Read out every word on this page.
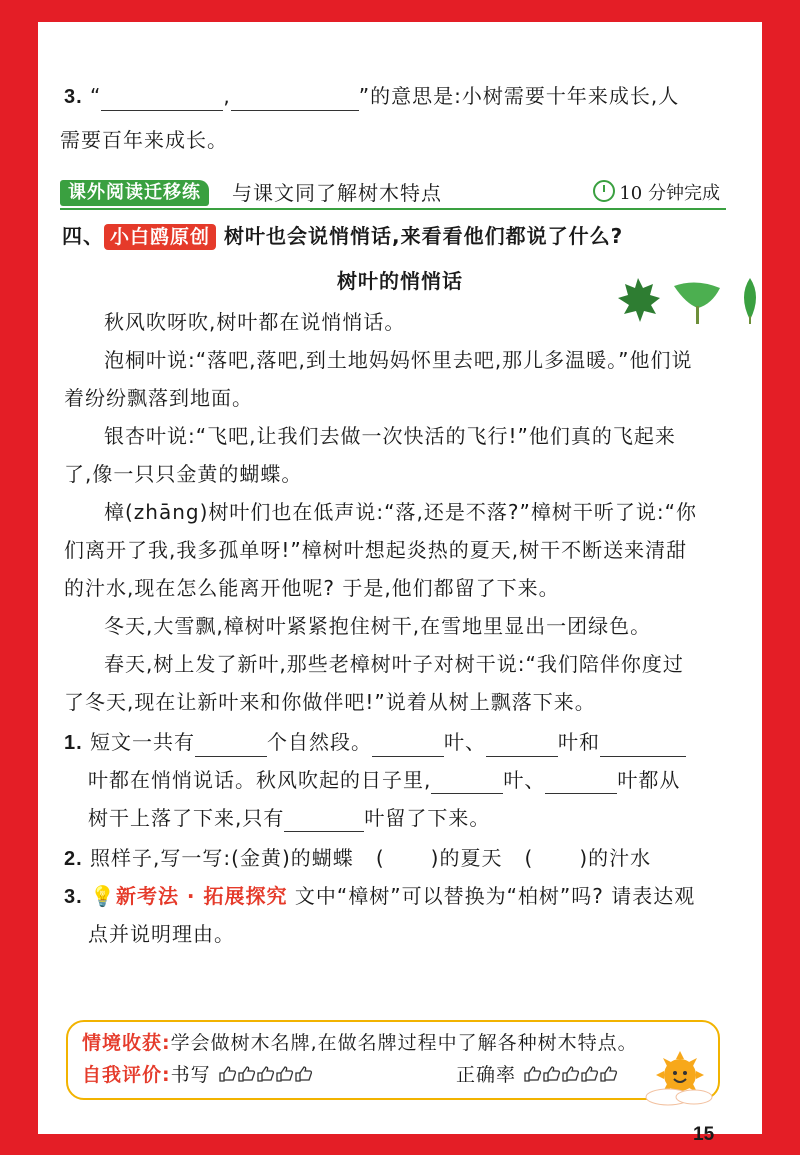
3. “	,	”的意思是:小树需要十年来成长,人
需要百年来成长。
课外阅读迁移练	与课文同了解树木特点	10 分钟完成
四、 小白鸥原创 树叶也会说悄悄话,来看看他们都说了什么?
树叶的悄悄话
秋风吹呀吹,树叶都在说悄悄话。
泡桐叶说:“落吧,落吧,到土地妈妈怀里去吧,那儿多温暖。”他们说
着纷纷飘落到地面。
银杏叶说:“飞吧,让我们去做一次快活的飞行!”他们真的飞起来
了,像一只只金黄的蝴蝶。
樟(zhāng)树叶们也在低声说:“落,还是不落?”樟树干听了说:“你
们离开了我,我多孤单呀!”樟树叶想起炎热的夏天,树干不断送来清甜
的汁水,现在怎么能离开他呢? 于是,他们都留了下来。
冬天,大雪飘,樟树叶紧紧抱住树干,在雪地里显出一团绿色。
春天,树上发了新叶,那些老樟树叶子对树干说:“我们陪伴你度过
了冬天,现在让新叶来和你做伴吧!”说着从树上飘落下来。
1. 短文一共有	个自然段。	叶、	叶和
叶都在悄悄说话。秋风吹起的日子里,	叶、	叶都从
树干上落了下来,只有	叶留了下来。
2. 照样子,写一写:(金黄)的蝴蝶 ( )的夏天 ( )的汁水
3. 💡新考法 · 拓展探究 文中“樟树”可以替换为“柏树”吗? 请表达观
点并说明理由。
情境收获:学会做树木名牌,在做名牌过程中了解各种树木特点。
自我评价:书写	正确率
15
